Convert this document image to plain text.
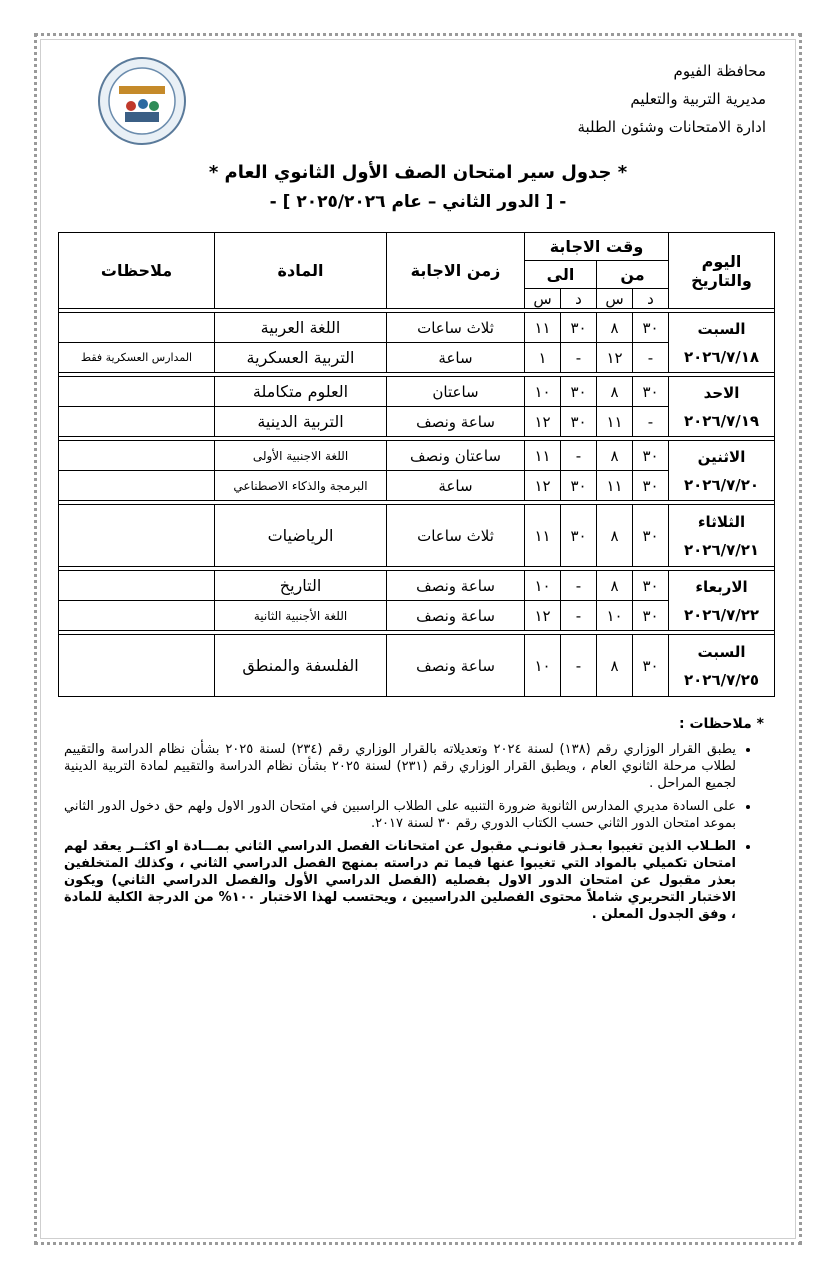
محافظة الفيوم
مديرية التربية والتعليم
ادارة الامتحانات وشئون الطلبة
* جدول سير امتحان الصف الأول الثانوي العام *
- [ الدور الثاني – عام ٢٠٢٥/٢٠٢٦ ] -
اليوم والتاريخ	وقت الاجابة				زمن الاجابة	المادة	ملاحظات
	من		الى				
	د	س	د	س			

السبت
٢٠٢٦/٧/١٨	٣٠	٨	٣٠	١١	ثلاث ساعات	اللغة العربية	
	-	١٢	-	١	ساعة	التربية العسكرية	المدارس العسكرية فقط

الاحد
٢٠٢٦/٧/١٩	٣٠	٨	٣٠	١٠	ساعتان	العلوم متكاملة	
	-	١١	٣٠	١٢	ساعة ونصف	التربية الدينية	

الاثنين
٢٠٢٦/٧/٢٠	٣٠	٨	-	١١	ساعتان ونصف	اللغة الاجنبية الأولى	
	٣٠	١١	٣٠	١٢	ساعة	البرمجة والذكاء الاصطناعي	

الثلاثاء
٢٠٢٦/٧/٢١	٣٠	٨	٣٠	١١	ثلاث ساعات	الرياضيات	

الاربعاء
٢٠٢٦/٧/٢٢	٣٠	٨	-	١٠	ساعة ونصف	التاريخ	
	٣٠	١٠	-	١٢	ساعة ونصف	اللغة الأجنبية الثانية	

السبت
٢٠٢٦/٧/٢٥	٣٠	٨	-	١٠	ساعة ونصف	الفلسفة والمنطق	
* ملاحظات :
• يطبق القرار الوزاري رقم (١٣٨) لسنة ٢٠٢٤ وتعديلاته بالقرار الوزاري رقم (٢٣٤) لسنة ٢٠٢٥ بشأن نظام الدراسة والتقييم لطلاب مرحلة الثانوي العام ، ويطبق القرار الوزاري رقم (٢٣١) لسنة ٢٠٢٥ بشأن نظام الدراسة والتقييم لمادة التربية الدينية لجميع المراحل .
• على السادة مديري المدارس الثانوية ضرورة التنبيه على الطلاب الراسبين في امتحان الدور الاول ولهم حق دخول الدور الثاني بموعد امتحان الدور الثاني حسب الكتاب الدوري رقم ٣٠ لسنة ٢٠١٧.
• الطـلاب الذين تغيبوا بعـذر قانونـي مقبول عن امتحانات الفصل الدراسي الثاني بمـــادة او اكثــر يعقد لهم امتحان تكميلي بالمواد التي تغيبوا عنها فيما تم دراسته بمنهج الفصل الدراسي الثاني ، وكذلك المتخلفين بعذر مقبول عن امتحان الدور الاول بفصليه (الفصل الدراسي الأول والفصل الدراسي الثاني) ويكون الاختبار التحريري شاملاً محتوى الفصلين الدراسيين ، ويحتسب لهذا الاختبار ١٠٠% من الدرجة الكلية للمادة ، وفق الجدول المعلن .
